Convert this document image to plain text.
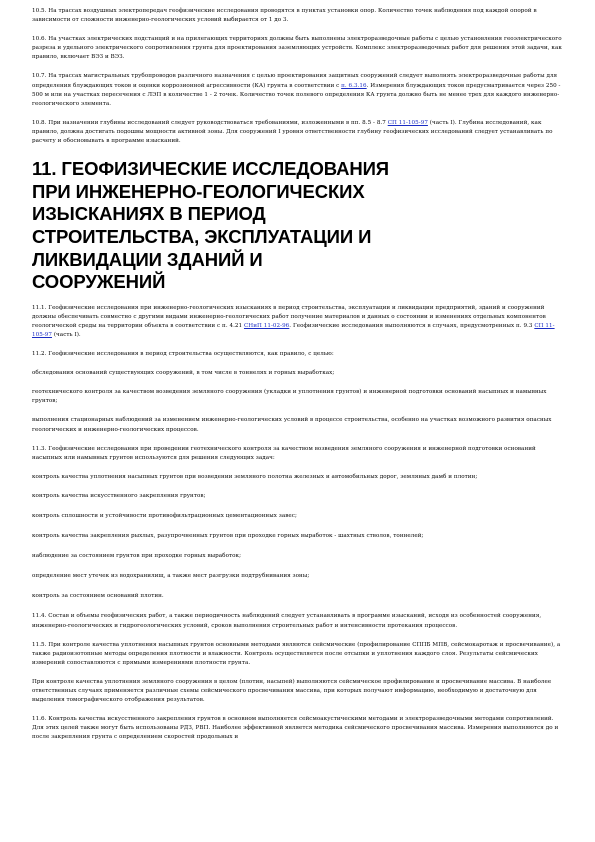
10.5. На трассах воздушных электропередач геофизические исследования проводятся в пунктах установки опор. Количество точек наблюдения под каждой опорой в зависимости от сложности инженерно-геологических условий выбирается от 1 до 3.

10.6. На участках электрических подстанций и на прилегающих территориях должны быть выполнены электроразведочные работы с целью установления геоэлектрического разреза и удельного электрического сопротивления грунта для проектирования заземляющих устройств. Комплекс электроразведочных работ для решения этой задачи, как правило, включает ВЭЗ и ВЭЗ.

10.7. На трассах магистральных трубопроводов различного назначения с целью проектирования защитных сооружений следует выполнять электроразведочные работы для определения блуждающих токов и оценки коррозионной агрессивности (КА) грунта в соответствии с п. 6.3.16. Измерения блуждающих токов предусматривается через 250 - 500 м или на участках пересечения с ЛЭП в количестве 1 - 2 точек. Количество точек полевого определения КА грунта должно быть не менее трех для каждого инженерно-геологического элемента.

10.8. При назначении глубины исследований следует руководствоваться требованиями, изложенными в пп. 8.5 - 8.7 СП 11-105-97 (часть I). Глубина исследований, как правило, должна достигать подошвы мощности активной зоны. Для сооружений I уровня ответственности глубину геофизических исследований следует устанавливать по расчету и обосновывать в программе изысканий.

11. ГЕОФИЗИЧЕСКИЕ ИССЛЕДОВАНИЯ ПРИ ИНЖЕНЕРНО-ГЕОЛОГИЧЕСКИХ ИЗЫСКАНИЯХ В ПЕРИОД СТРОИТЕЛЬСТВА, ЭКСПЛУАТАЦИИ И ЛИКВИДАЦИИ ЗДАНИЙ И СООРУЖЕНИЙ

11.1. Геофизические исследования при инженерно-геологических изысканиях в период строительства, эксплуатации и ликвидации предприятий, зданий и сооружений должны обеспечивать совместно с другими видами инженерно-геологических работ получение материалов и данных о состоянии и изменениях отдельных компонентов геологической среды на территории объекта в соответствии с п. 4.21 СНиП 11-02-96. Геофизические исследования выполняются в случаях, предусмотренных п. 9.3 СП 11-105-97 (часть I).

11.2. Геофизические исследования в период строительства осуществляются, как правило, с целью:

обследования оснований существующих сооружений, в том числе в тоннелях и горных выработках;

геотехнического контроля за качеством возведения земляного сооружения (укладки и уплотнения грунтов) и инженерной подготовки оснований насыпных и намывных грунтов;

выполнения стационарных наблюдений за изменением инженерно-геологических условий в процессе строительства, особенно на участках возможного развития опасных геологических и инженерно-геологических процессов.

11.3. Геофизические исследования при проведении геотехнического контроля за качеством возведения земляного сооружения и инженерной подготовки оснований насыпных или намывных грунтов используются для решения следующих задач:

контроль качества уплотнения насыпных грунтов при возведении земляного полотна железных и автомобильных дорог, земляных дамб и плотин;

контроль качества искусственного закрепления грунтов;

контроль сплошности и устойчивости противофильтрационных цементационных завес;

контроль качества закрепления рыхлых, разупрочненных грунтов при проходке горных выработок - шахтных стволов, тоннелей;

наблюдение за состоянием грунтов при проходке горных выработок;

определение мест утечек из водохранилищ, а также мест разгрузки подтрубнивания зоны;

контроль за состоянием оснований плотин.

11.4. Состав и объемы геофизических работ, а также периодичность наблюдений следует устанавливать в программе изысканий, исходя из особенностей сооружения, инженерно-геологических и гидрогеологических условий, сроков выполнения строительных работ и интенсивности протекания процессов.

11.5. При контроле качества уплотнения насыпных грунтов основными методами являются сейсмические (профилирование СППБ МПВ, сейсмокаротаж и просвечивание), а также радиоизотопные методы определения плотности и влажности. Контроль осуществляется после отсыпки и уплотнения каждого слоя. Результаты сейсмических измерений сопоставляются с прямыми измерениями плотности грунта.

При контроле качества уплотнения земляного сооружения в целом (плотин, насыпей) выполняются сейсмическое профилирование и просвечивание массива. В наиболее ответственных случаях применяется различные схемы сейсмического просвечивания массива, при которых получают информацию, необходимую и достаточную для выделения томографического отображения результатов.

11.6. Контроль качества искусственного закрепления грунтов в основном выполняется сейсмоакустическими методами и электроразведочными методами сопротивлений. Для этих целей также могут быть использованы РДЗ, РВП. Наиболее эффективной является методика сейсмического просвечивания массива. Измерения выполняются до и после закрепления грунта с определением скоростей продольных и
